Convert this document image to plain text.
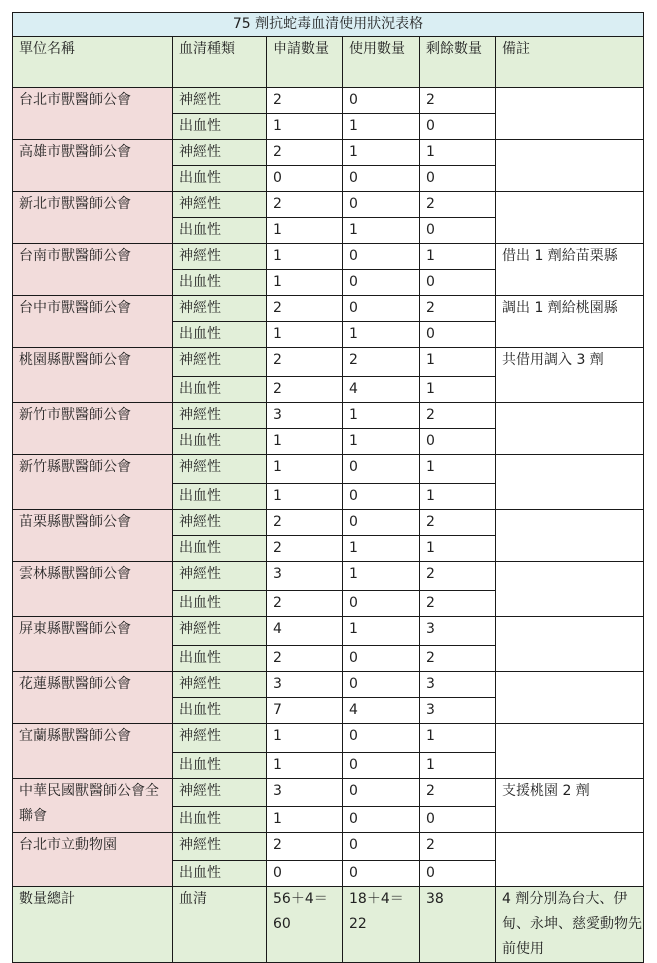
75 劑抗蛇毒血清使用狀況表格					
單位名稱	血清種類	申請數量	使用數量	剩餘數量	備註
台北市獸醫師公會	神經性	2	0	2	
	出血性	1	1	0	
高雄市獸醫師公會	神經性	2	1	1	
	出血性	0	0	0	
新北市獸醫師公會	神經性	2	0	2	
	出血性	1	1	0	
台南市獸醫師公會	神經性	1	0	1	借出 1 劑給苗栗縣
	出血性	1	0	0	
台中市獸醫師公會	神經性	2	0	2	調出 1 劑給桃園縣
	出血性	1	1	0	
桃園縣獸醫師公會	神經性	2	2	1	共借用調入 3 劑
	出血性	2	4	1	
新竹市獸醫師公會	神經性	3	1	2	
	出血性	1	1	0	
新竹縣獸醫師公會	神經性	1	0	1	
	出血性	1	0	1	
苗栗縣獸醫師公會	神經性	2	0	2	
	出血性	2	1	1	
雲林縣獸醫師公會	神經性	3	1	2	
	出血性	2	0	2	
屏東縣獸醫師公會	神經性	4	1	3	
	出血性	2	0	2	
花蓮縣獸醫師公會	神經性	3	0	3	
	出血性	7	4	3	
宜蘭縣獸醫師公會	神經性	1	0	1	
	出血性	1	0	1	
中華民國獸醫師公會全聯會	神經性	3	0	2	支援桃園 2 劑
	出血性	1	0	0	
台北市立動物園	神經性	2	0	2	
	出血性	0	0	0	
數量總計	血清	56＋4＝60	18＋4＝22	38	4 劑分別為台大、伊甸、永坤、慈愛動物先前使用
